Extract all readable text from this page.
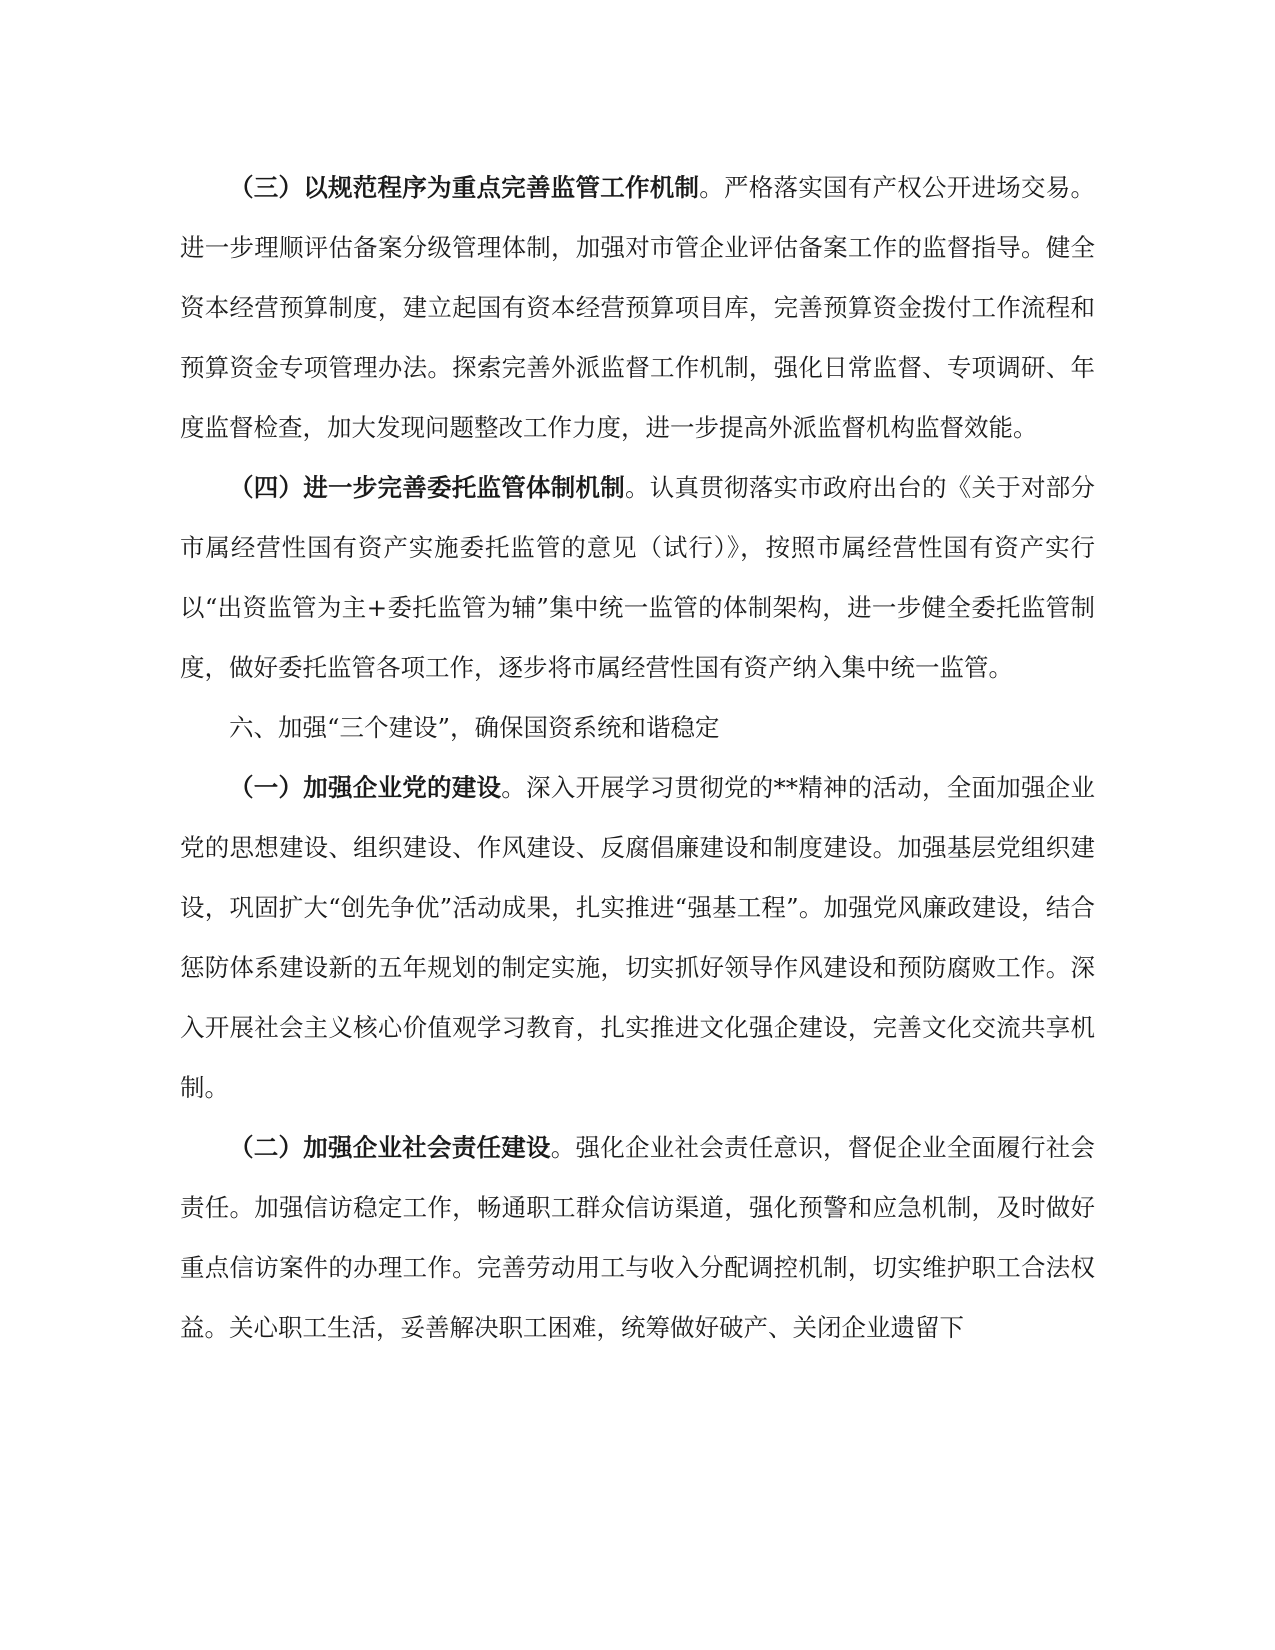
（三）以规范程序为重点完善监管工作机制。严格落实国有产权公开进场交易。进一步理顺评估备案分级管理体制，加强对市管企业评估备案工作的监督指导。健全资本经营预算制度，建立起国有资本经营预算项目库，完善预算资金拨付工作流程和预算资金专项管理办法。探索完善外派监督工作机制，强化日常监督、专项调研、年度监督检查，加大发现问题整改工作力度，进一步提高外派监督机构监督效能。

（四）进一步完善委托监管体制机制。认真贯彻落实市政府出台的《关于对部分市属经营性国有资产实施委托监管的意见（试行）》，按照市属经营性国有资产实行以“出资监管为主+委托监管为辅”集中统一监管的体制架构，进一步健全委托监管制度，做好委托监管各项工作，逐步将市属经营性国有资产纳入集中统一监管。

六、加强“三个建设”，确保国资系统和谐稳定

（一）加强企业党的建设。深入开展学习贯彻党的**精神的活动，全面加强企业党的思想建设、组织建设、作风建设、反腐倡廉建设和制度建设。加强基层党组织建设，巩固扩大“创先争优”活动成果，扎实推进“强基工程”。加强党风廉政建设，结合惩防体系建设新的五年规划的制定实施，切实抓好领导作风建设和预防腐败工作。深入开展社会主义核心价值观学习教育，扎实推进文化强企建设，完善文化交流共享机制。

（二）加强企业社会责任建设。强化企业社会责任意识，督促企业全面履行社会责任。加强信访稳定工作，畅通职工群众信访渠道，强化预警和应急机制，及时做好重点信访案件的办理工作。完善劳动用工与收入分配调控机制，切实维护职工合法权益。关心职工生活，妥善解决职工困难，统筹做好破产、关闭企业遗留下
